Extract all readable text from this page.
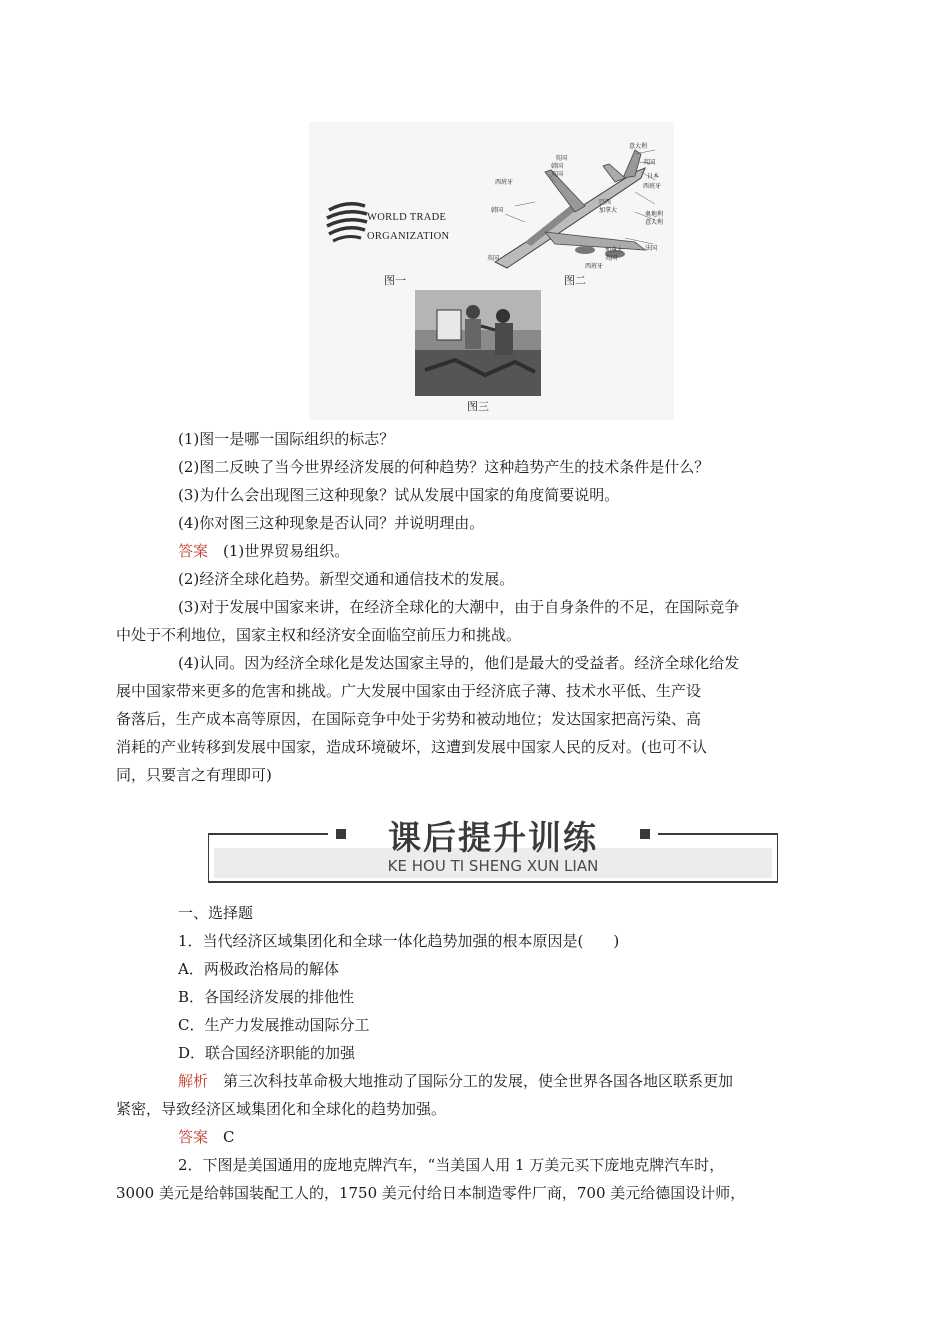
WORLD TRADE
ORGANIZATION
图一
意大利
英国
英国
韩国
英国
西班牙
日本
西班牙
韩国
巴西
加拿大
奥地利
意大利
加拿大
英国
西班牙
法国
英国
图二
图三
(1)图一是哪一国际组织的标志？
(2)图二反映了当今世界经济发展的何种趋势？这种趋势产生的技术条件是什么？
(3)为什么会出现图三这种现象？试从发展中国家的角度简要说明。
(4)你对图三这种现象是否认同？并说明理由。
答案　 (1)世界贸易组织。
(2)经济全球化趋势。新型交通和通信技术的发展。
(3)对于发展中国家来讲，在经济全球化的大潮中，由于自身条件的不足，在国际竞争
中处于不利地位，国家主权和经济安全面临空前压力和挑战。
(4)认同。因为经济全球化是发达国家主导的，他们是最大的受益者。经济全球化给发
展中国家带来更多的危害和挑战。广大发展中国家由于经济底子薄、技术水平低、生产设
备落后，生产成本高等原因，在国际竞争中处于劣势和被动地位；发达国家把高污染、高
消耗的产业转移到发展中国家，造成环境破坏，这遭到发展中国家人民的反对。(也可不认
同，只要言之有理即可)
课后提升训练
KE HOU TI SHENG XUN LIAN
一、选择题
1．当代经济区域集团化和全球一体化趋势加强的根本原因是(　　)
A．两极政治格局的解体
B．各国经济发展的排他性
C．生产力发展推动国际分工
D．联合国经济职能的加强
解析　第三次科技革命极大地推动了国际分工的发展，使全世界各国各地区联系更加
紧密，导致经济区域集团化和全球化的趋势加强。
答案　C
2．下图是美国通用的庞地克牌汽车，“当美国人用 1 万美元买下庞地克牌汽车时，
3000 美元是给韩国装配工人的，1750 美元付给日本制造零件厂商，700 美元给德国设计师，
